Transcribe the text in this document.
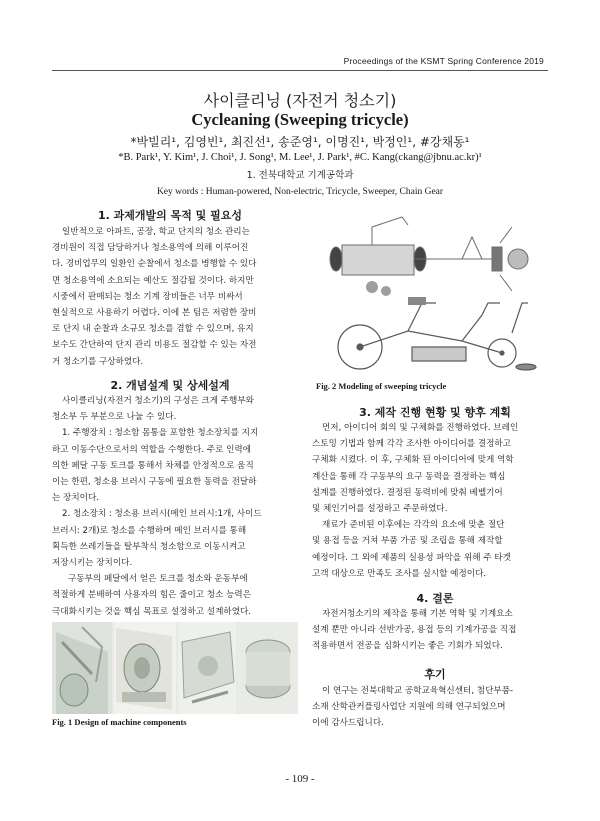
Proceedings of the KSMT Spring Conference 2019
사이클리닝 (자전거 청소기)
Cycleaning (Sweeping tricycle)
*박빌리¹, 김영빈¹, 최진선¹, 송준영¹, 이명진¹, 박정인¹, #강채동¹
*B. Park¹, Y. Kim¹, J. Choi¹, J. Song¹, M. Lee¹, J. Park¹, #C. Kang(ckang@jbnu.ac.kr)¹
1. 전북대학교 기계공학과
Key words : Human-powered, Non-electric, Tricycle, Sweeper, Chain Gear
1. 과제개발의 목적 및 필요성

일반적으로 아파트, 공장, 학교 단지의 청소 관리는

경비원이 직접 담당하거나 청소용역에 의해 이루어진

다. 경비업무의 일환인 순찰에서 청소를 병행할 수 있다

면 청소용역에 소요되는 예산도 절감될 것이다. 하지만

시중에서 판매되는 청소 기계 장비들은 너무 비싸서

현실적으로 사용하기 어렵다. 이에 본 팀은 저렴한 장비

로 단지 내 순찰과 소규모 청소를 겸할 수 있으며, 유지

보수도 간단하여 단지 관리 비용도 절감할 수 있는 자전

거 청소기를 구상하였다.

2. 개념설계 및 상세설계

사이클리닝(자전거 청소기)의 구성은 크게 주행부와

청소부 두 부분으로 나눌 수 있다.

1. 주행장치 : 청소함 몸통을 포함한 청소장치를 지지

하고 이동수단으로서의 역할을 수행한다. 주로 인력에

의한 페달 구동 토크를 통해서 차체를 안정적으로 움직

이는 한편, 청소용 브러시 구동에 필요한 동력을 전달하

는 장치이다.

2. 청소장치 : 청소용 브러시(메인 브러시:1개, 사이드

브러시: 2개)로 청소를 수행하며 메인 브러시를 통해

획득한 쓰레기들을 탈부착식 청소함으로 이동시켜고

저장시키는 장치이다.

구동부의 페달에서 얻은 토크를 청소와 운동부에

적절하게 분배하여 사용자의 힘은 줄이고 청소 능력은

극대화시키는 것을 핵심 목표로 설정하고 설계하였다.

Fig. 1 Design of machine components
Fig. 2 Modeling of sweeping tricycle
3. 제작 진행 현황 및 향후 계획

먼저, 아이디어 회의 및 구체화를 진행하였다. 브레인

스토밍 기법과 함께 각각 조사한 아이디어를 결정하고

구체화 시켰다. 이 후, 구체화 된 아이디어에 맞게 역학

계산을 통해 각 구동부의 요구 동력을 결정하는 핵심

설계를 진행하였다. 결정된 동력비에 맞춰 베벨기어

및 체인기어를 설정하고 주문하였다.

재료가 준비된 이후에는 각각의 요소에 맞춘 절단

및 용접 등을 거쳐 부품 가공 및 조립을 통해 제작할

예정이다. 그 외에 제품의 실용성 파악을 위해 주 타겟

고객 대상으로 만족도 조사를 실시할 예정이다.

4. 결론

자전거청소기의 제작을 통해 기본 역학 및 기계요소

설계 뿐만 아니라 선반가공, 용접 등의 기계가공을 직접

적용하면서 전공을 심화시키는 좋은 기회가 되었다.

후기

이 연구는 전북대학교 공학교육혁신센터, 첨단부품-

소재 산학관커플링사업단 지원에 의해 연구되었으며

이에 감사드립니다.

- 109 -
